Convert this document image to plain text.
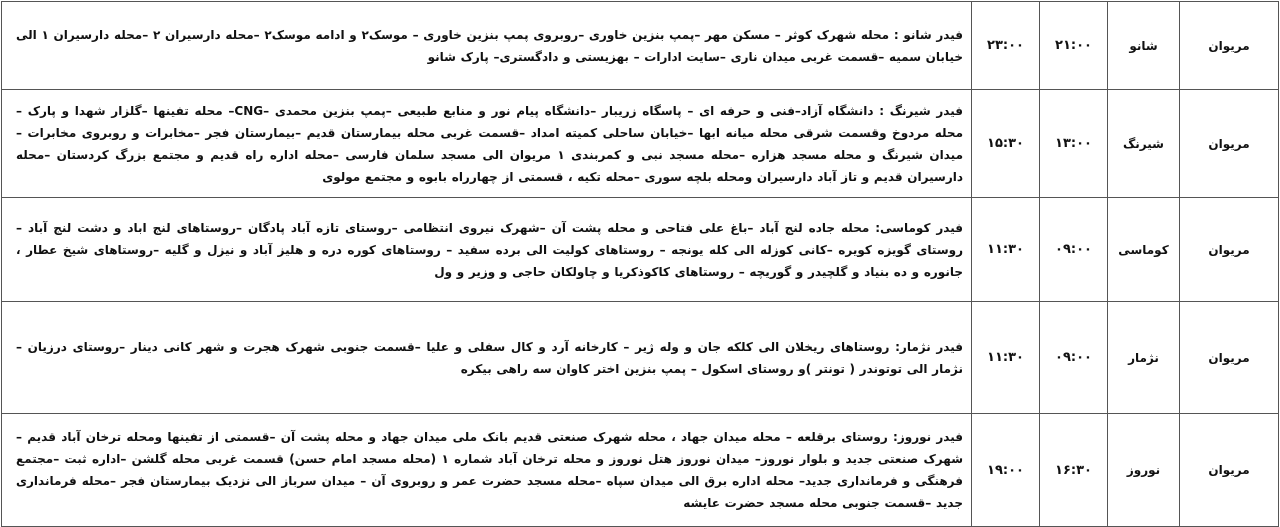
مریوان	شانو	۲۱:۰۰	۲۳:۰۰	فیدر شانو : محله شهرک کوثر – مسکن مهر –پمپ بنزین خاوری –روبروی پمپ بنزین خاوری – موسک۲ و ادامه موسک۲ –محله دارسیران ۲ –محله دارسیران ۱ الی خیابان سمیه –قسمت غربی میدان ناری –سایت ادارات – بهزیستی و دادگستری– پارک شانو
مریوان	شیرنگ	۱۳:۰۰	۱۵:۳۰	فیدر شیرنگ : دانشگاه آزاد–فنی و حرفه ای – پاسگاه زریبار –دانشگاه پیام نور و منابع طبیعی –پمپ بنزین محمدی –CNG– محله تفینها –گلزار شهدا و پارک –محله مردوخ وقسمت شرقی محله میانه ابها –خیابان ساحلی کمیته امداد –قسمت غربی محله بیمارستان قدیم –بیمارستان فجر –مخابرات و روبروی مخابرات –میدان شیرنگ و محله مسجد هزاره –محله مسجد نبی و کمربندی ۱ مریوان الی مسجد سلمان فارسی –محله اداره راه قدیم و مجتمع بزرگ کردستان –محله دارسیران قدیم و تاز آباد دارسیران ومحله بلچه سوری –محله تکیه ، قسمتی از چهارراه بابوه و مجتمع مولوی
مریوان	کوماسی	۰۹:۰۰	۱۱:۳۰	فیدر کوماسی: محله جاده لنج آباد –باغ علی فتاحی و محله پشت آن –شهرک نیروی انتظامی –روستای تازه آباد پادگان –روستاهای لنج اباد و دشت لنج آباد –روستای گویزه کویره –کانی کوزله الی کله یونجه – روستاهای کولیت الی برده سفید – روستاهای کوره دره و هلیز آباد و نیزل و گلیه –روستاهای شیخ عطار ، جانوره و ده بنیاد و گلچیدر و گوریچه – روستاهای کاکوذکریا و چاولکان حاجی و وزیر و ول
مریوان	نژمار	۰۹:۰۰	۱۱:۳۰	فیدر نژمار: روستاهای ریخلان الی کلکه جان و وله ژیر – کارخانه آرد و کال سفلی و علیا –قسمت جنوبی شهرک هجرت و شهر کانی دینار –روستای درزیان –نژمار الی توتوندر ( تونتر )و روستای اسکول – پمپ بنزین اختر کاوان سه راهی بیکره
مریوان	نوروز	۱۶:۳۰	۱۹:۰۰	فیدر نوروز: روستای برقلعه – محله میدان جهاد ، محله شهرک صنعتی قدیم بانک ملی میدان جهاد و محله پشت آن –قسمتی از تفینها ومحله ترخان آباد قدیم –شهرک صنعتی جدید و بلوار نوروز– میدان نوروز هتل نوروز و محله ترخان آباد شماره ۱ (محله مسجد امام حسن) قسمت غربی محله گلشن –اداره ثبت –مجتمع فرهنگی و فرمانداری جدید– محله اداره برق الی میدان سپاه –محله مسجد حضرت عمر و روبروی آن – میدان سرباز الی نزدیک بیمارستان فجر –محله فرمانداری جدید –قسمت جنوبی محله مسجد حضرت عایشه
